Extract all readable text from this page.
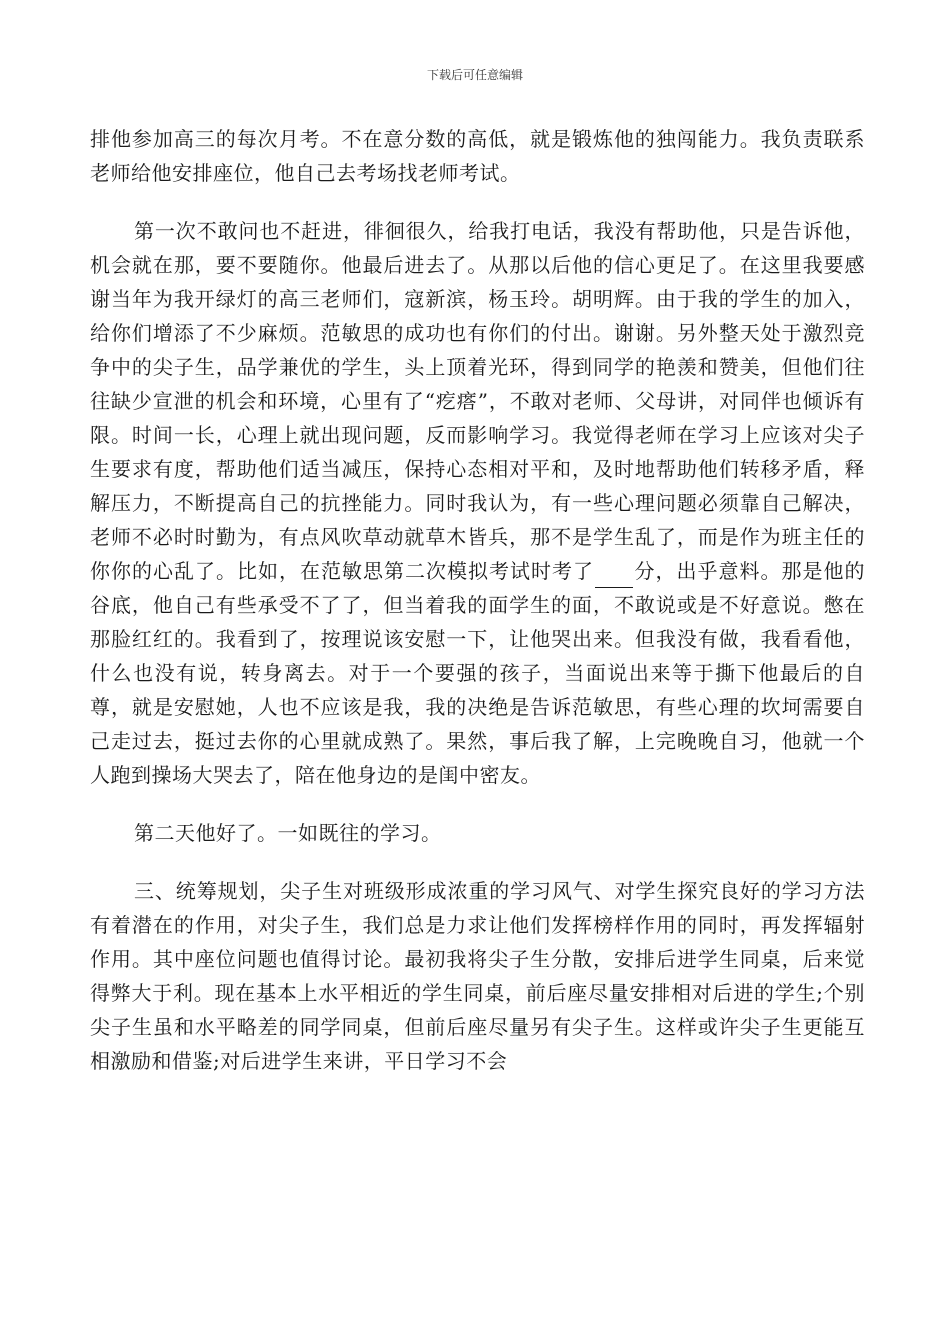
下载后可任意编辑

排他参加高三的每次月考。不在意分数的高低，就是锻炼他的独闯能力。我负责联系老师给他安排座位，他自己去考场找老师考试。

第一次不敢问也不赶进，徘徊很久，给我打电话，我没有帮助他，只是告诉他，机会就在那，要不要随你。他最后进去了。从那以后他的信心更足了。在这里我要感谢当年为我开绿灯的高三老师们，寇新滨，杨玉玲。胡明辉。由于我的学生的加入，给你们增添了不少麻烦。范敏思的成功也有你们的付出。谢谢。另外整天处于激烈竞争中的尖子生，品学兼优的学生，头上顶着光环，得到同学的艳羡和赞美，但他们往往缺少宣泄的机会和环境，心里有了“疙瘩”，不敢对老师、父母讲，对同伴也倾诉有限。时间一长，心理上就出现问题，反而影响学习。我觉得老师在学习上应该对尖子生要求有度，帮助他们适当减压，保持心态相对平和，及时地帮助他们转移矛盾，释解压力，不断提高自己的抗挫能力。同时我认为，有一些心理问题必须靠自己解决，老师不必时时勤为，有点风吹草动就草木皆兵，那不是学生乱了，而是作为班主任的你你的心乱了。比如，在范敏思第二次模拟考试时考了 分，出乎意料。那是他的谷底，他自己有些承受不了了，但当着我的面学生的面，不敢说或是不好意说。憋在那脸红红的。我看到了，按理说该安慰一下，让他哭出来。但我没有做，我看看他，什么也没有说，转身离去。对于一个要强的孩子，当面说出来等于撕下他最后的自尊，就是安慰她，人也不应该是我，我的决绝是告诉范敏思，有些心理的坎坷需要自己走过去，挺过去你的心里就成熟了。果然，事后我了解，上完晚晚自习，他就一个人跑到操场大哭去了，陪在他身边的是闺中密友。

第二天他好了。一如既往的学习。

三、统筹规划，尖子生对班级形成浓重的学习风气、对学生探究良好的学习方法有着潜在的作用，对尖子生，我们总是力求让他们发挥榜样作用的同时，再发挥辐射作用。其中座位问题也值得讨论。最初我将尖子生分散，安排后进学生同桌，后来觉得弊大于利。现在基本上水平相近的学生同桌，前后座尽量安排相对后进的学生;个别尖子生虽和水平略差的同学同桌，但前后座尽量另有尖子生。这样或许尖子生更能互相激励和借鉴;对后进学生来讲，平日学习不会
